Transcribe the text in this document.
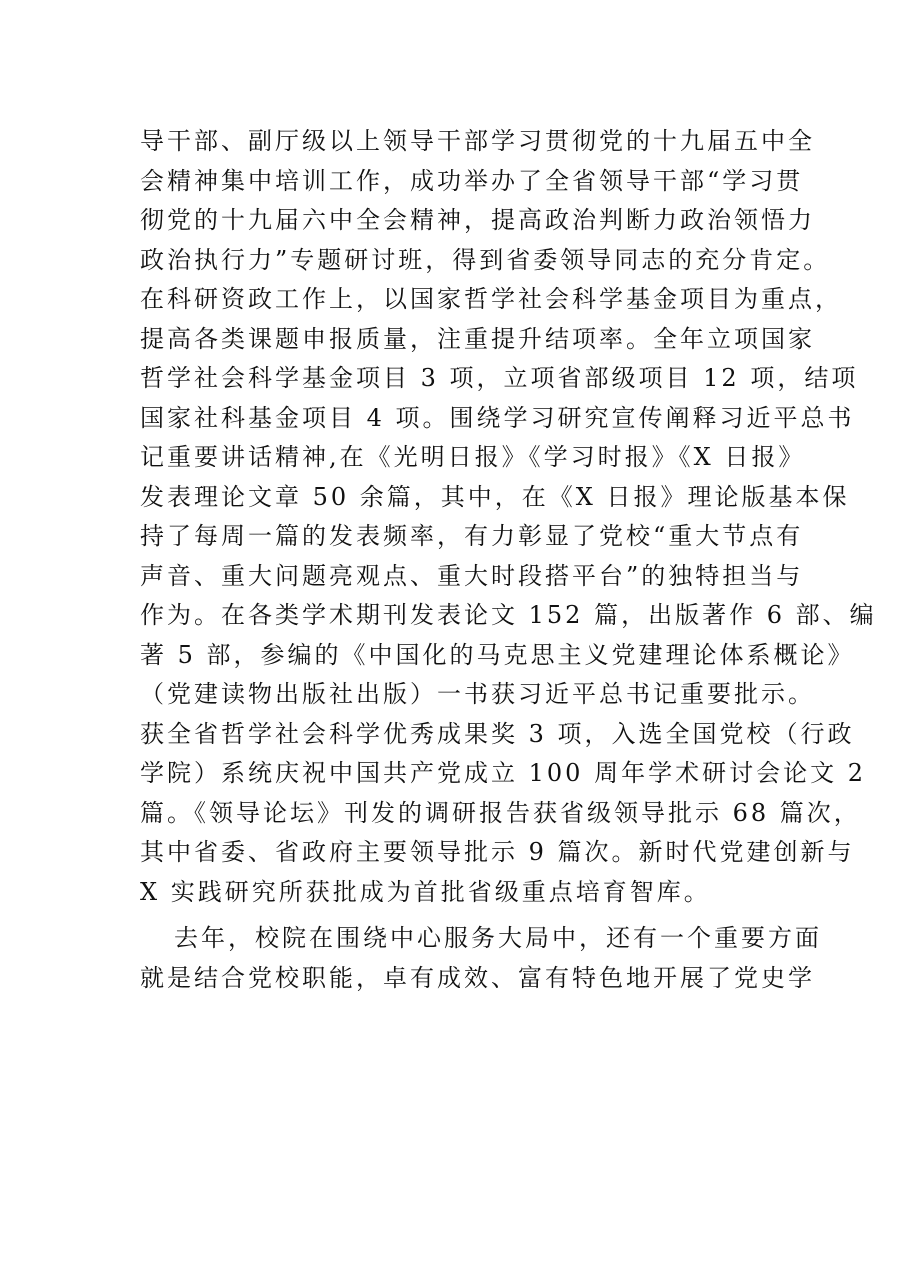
导干部、副厅级以上领导干部学习贯彻党的十九届五中全
会精神集中培训工作，成功举办了全省领导干部“学习贯
彻党的十九届六中全会精神，提高政治判断力政治领悟力
政治执行力”专题研讨班，得到省委领导同志的充分肯定。
在科研资政工作上，以国家哲学社会科学基金项目为重点，
提高各类课题申报质量，注重提升结项率。全年立项国家
哲学社会科学基金项目 3 项，立项省部级项目 12 项，结项
国家社科基金项目 4 项。围绕学习研究宣传阐释习近平总书
记重要讲话精神,在《光明日报》《学习时报》《X 日报》
发表理论文章 50 余篇，其中，在《X 日报》理论版基本保
持了每周一篇的发表频率，有力彰显了党校“重大节点有
声音、重大问题亮观点、重大时段搭平台”的独特担当与
作为。在各类学术期刊发表论文 152 篇，出版著作 6 部、编
著 5 部，参编的《中国化的马克思主义党建理论体系概论》
（党建读物出版社出版）一书获习近平总书记重要批示。
获全省哲学社会科学优秀成果奖 3 项，入选全国党校（行政
学院）系统庆祝中国共产党成立 100 周年学术研讨会论文 2
篇。《领导论坛》刊发的调研报告获省级领导批示 68 篇次，
其中省委、省政府主要领导批示 9 篇次。新时代党建创新与
X 实践研究所获批成为首批省级重点培育智库。
去年，校院在围绕中心服务大局中，还有一个重要方面
就是结合党校职能，卓有成效、富有特色地开展了党史学
